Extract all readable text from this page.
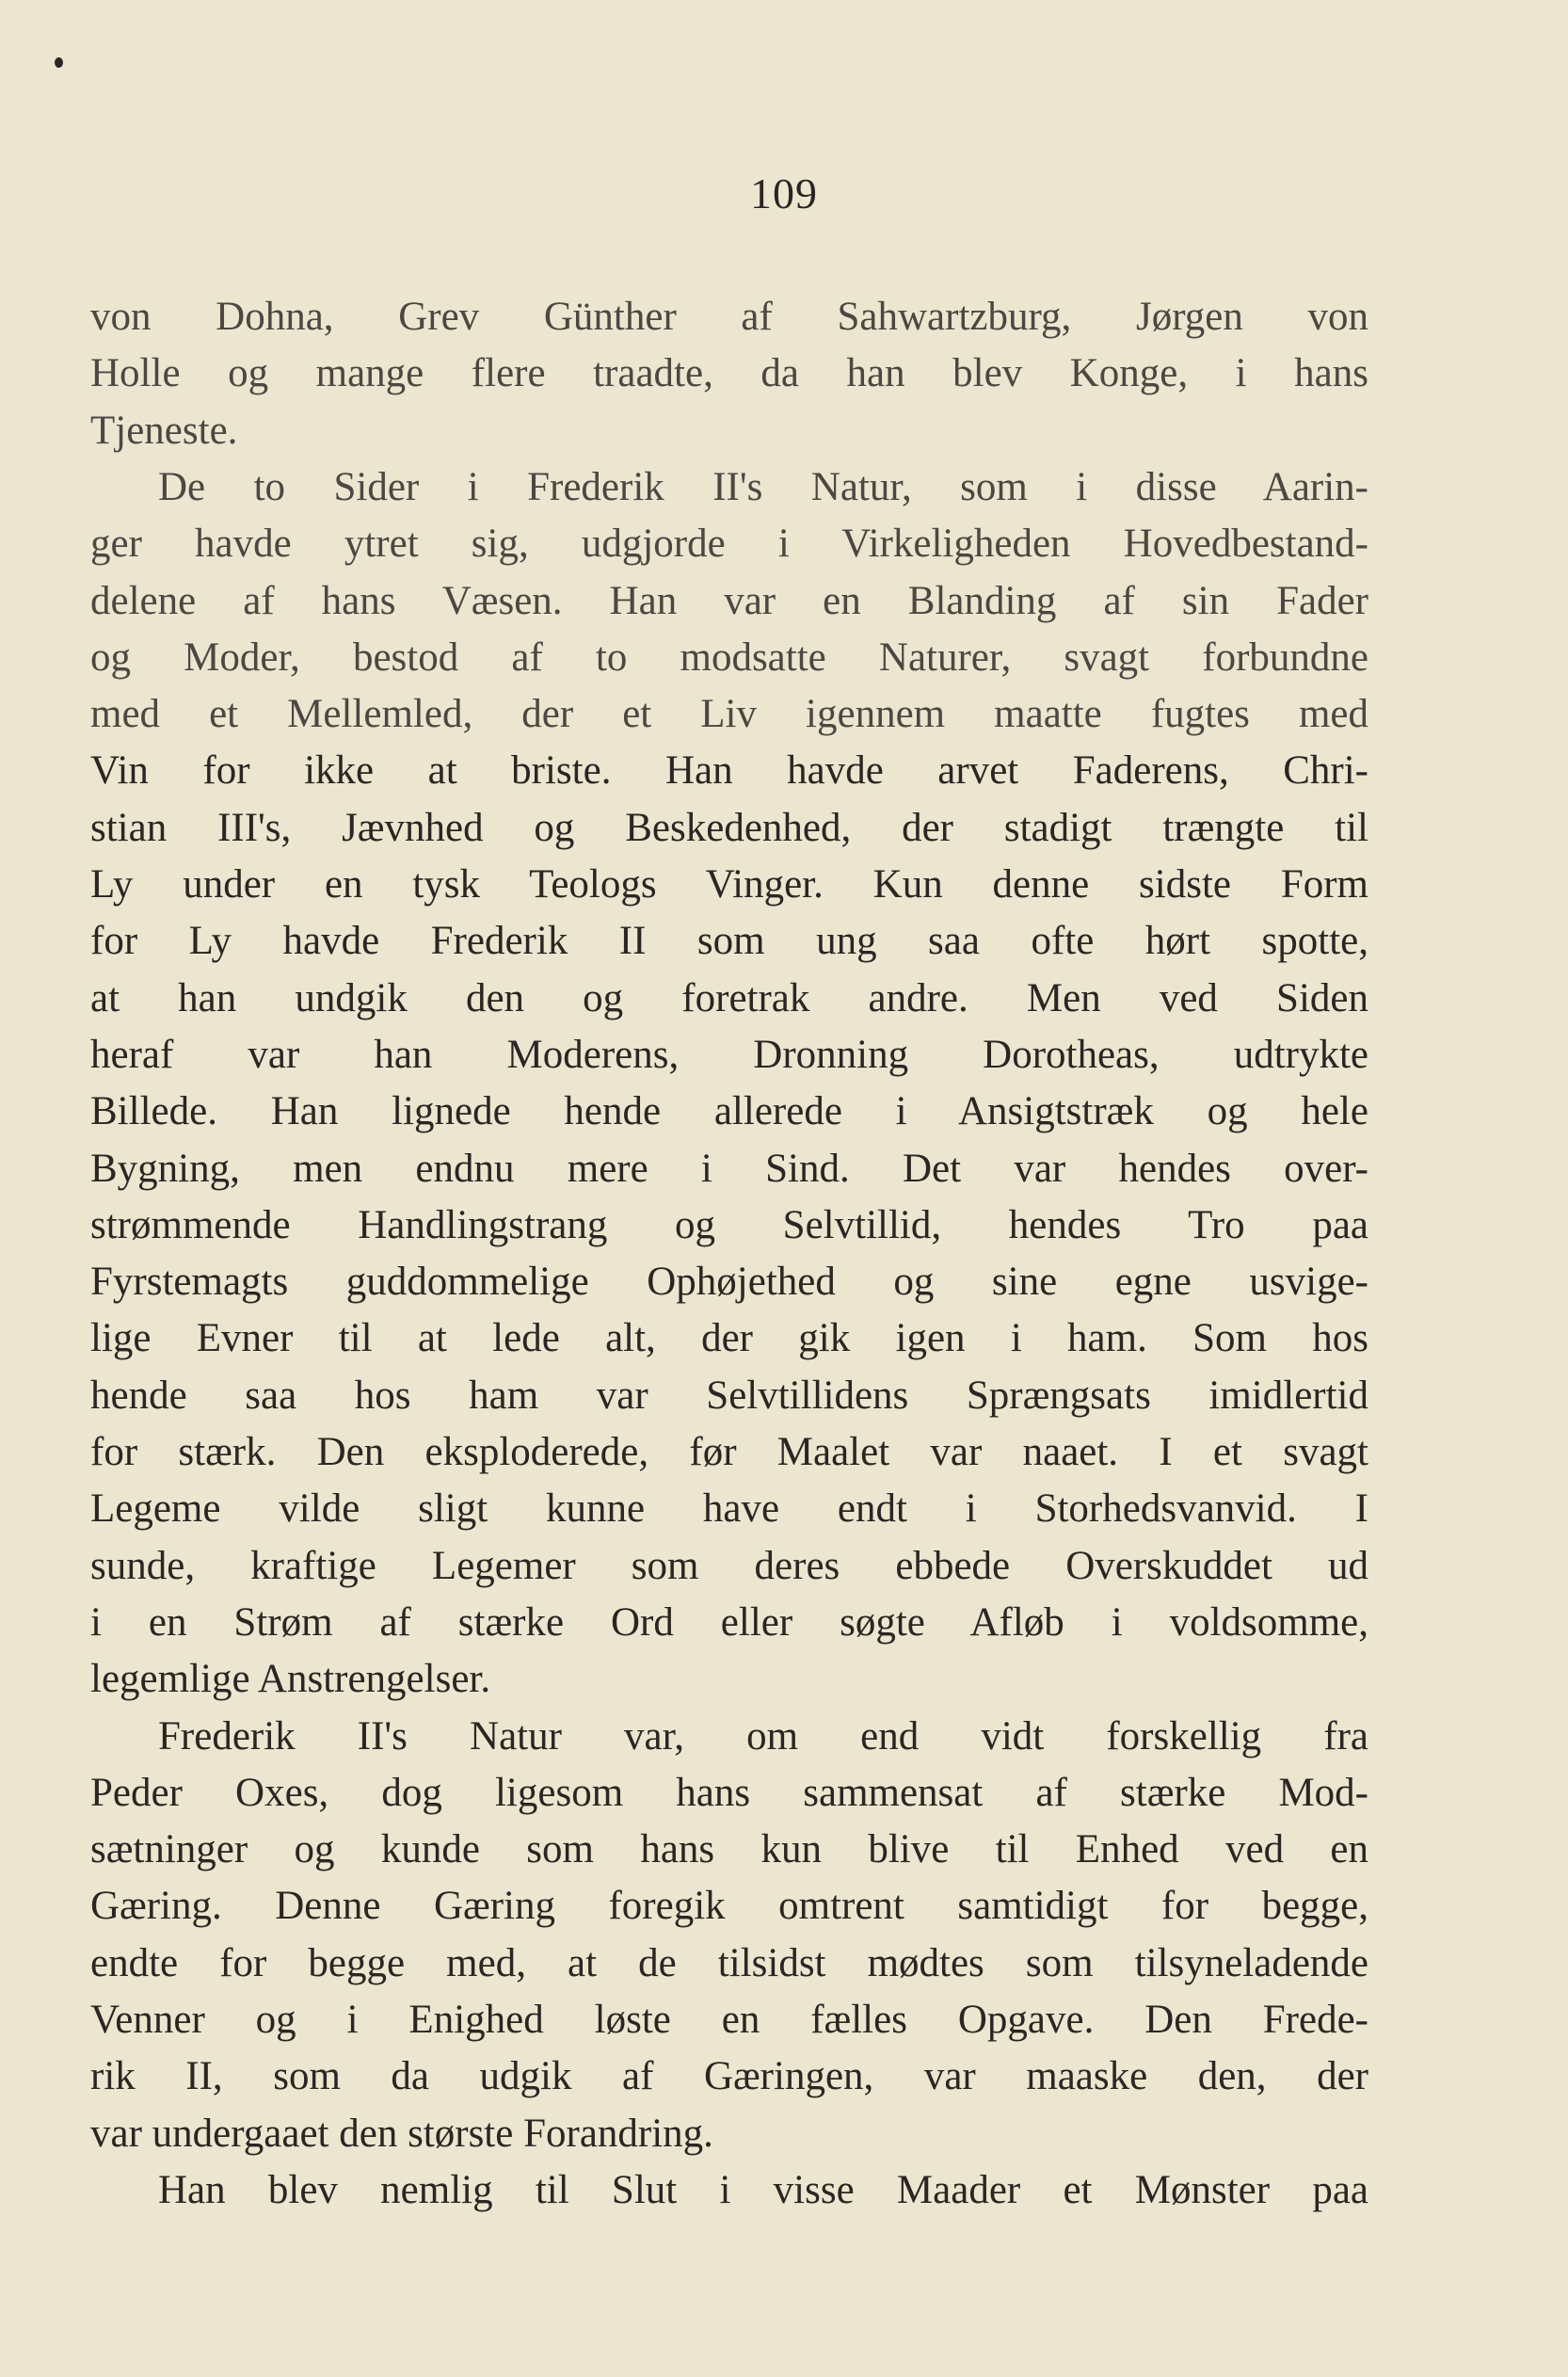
109
von Dohna, Grev Günther af Sahwartzburg, Jørgen von
Holle og mange flere traadte, da han blev Konge, i hans
Tjeneste.
De to Sider i Frederik II's Natur, som i disse Aarin-
ger havde ytret sig, udgjorde i Virkeligheden Hovedbestand-
delene af hans Væsen. Han var en Blanding af sin Fader
og Moder, bestod af to modsatte Naturer, svagt forbundne
med et Mellemled, der et Liv igennem maatte fugtes med
Vin for ikke at briste. Han havde arvet Faderens, Chri-
stian III's, Jævnhed og Beskedenhed, der stadigt trængte til
Ly under en tysk Teologs Vinger. Kun denne sidste Form
for Ly havde Frederik II som ung saa ofte hørt spotte,
at han undgik den og foretrak andre. Men ved Siden
heraf var han Moderens, Dronning Dorotheas, udtrykte
Billede. Han lignede hende allerede i Ansigtstræk og hele
Bygning, men endnu mere i Sind. Det var hendes over-
strømmende Handlingstrang og Selvtillid, hendes Tro paa
Fyrstemagts guddommelige Ophøjethed og sine egne usvige-
lige Evner til at lede alt, der gik igen i ham. Som hos
hende saa hos ham var Selvtillidens Sprængsats imidlertid
for stærk. Den eksploderede, før Maalet var naaet. I et svagt
Legeme vilde sligt kunne have endt i Storhedsvanvid. I
sunde, kraftige Legemer som deres ebbede Overskuddet ud
i en Strøm af stærke Ord eller søgte Afløb i voldsomme,
legemlige Anstrengelser.
Frederik II's Natur var, om end vidt forskellig fra
Peder Oxes, dog ligesom hans sammensat af stærke Mod-
sætninger og kunde som hans kun blive til Enhed ved en
Gæring. Denne Gæring foregik omtrent samtidigt for begge,
endte for begge med, at de tilsidst mødtes som tilsyneladende
Venner og i Enighed løste en fælles Opgave. Den Frede-
rik II, som da udgik af Gæringen, var maaske den, der
var undergaaet den største Forandring.
Han blev nemlig til Slut i visse Maader et Mønster paa
